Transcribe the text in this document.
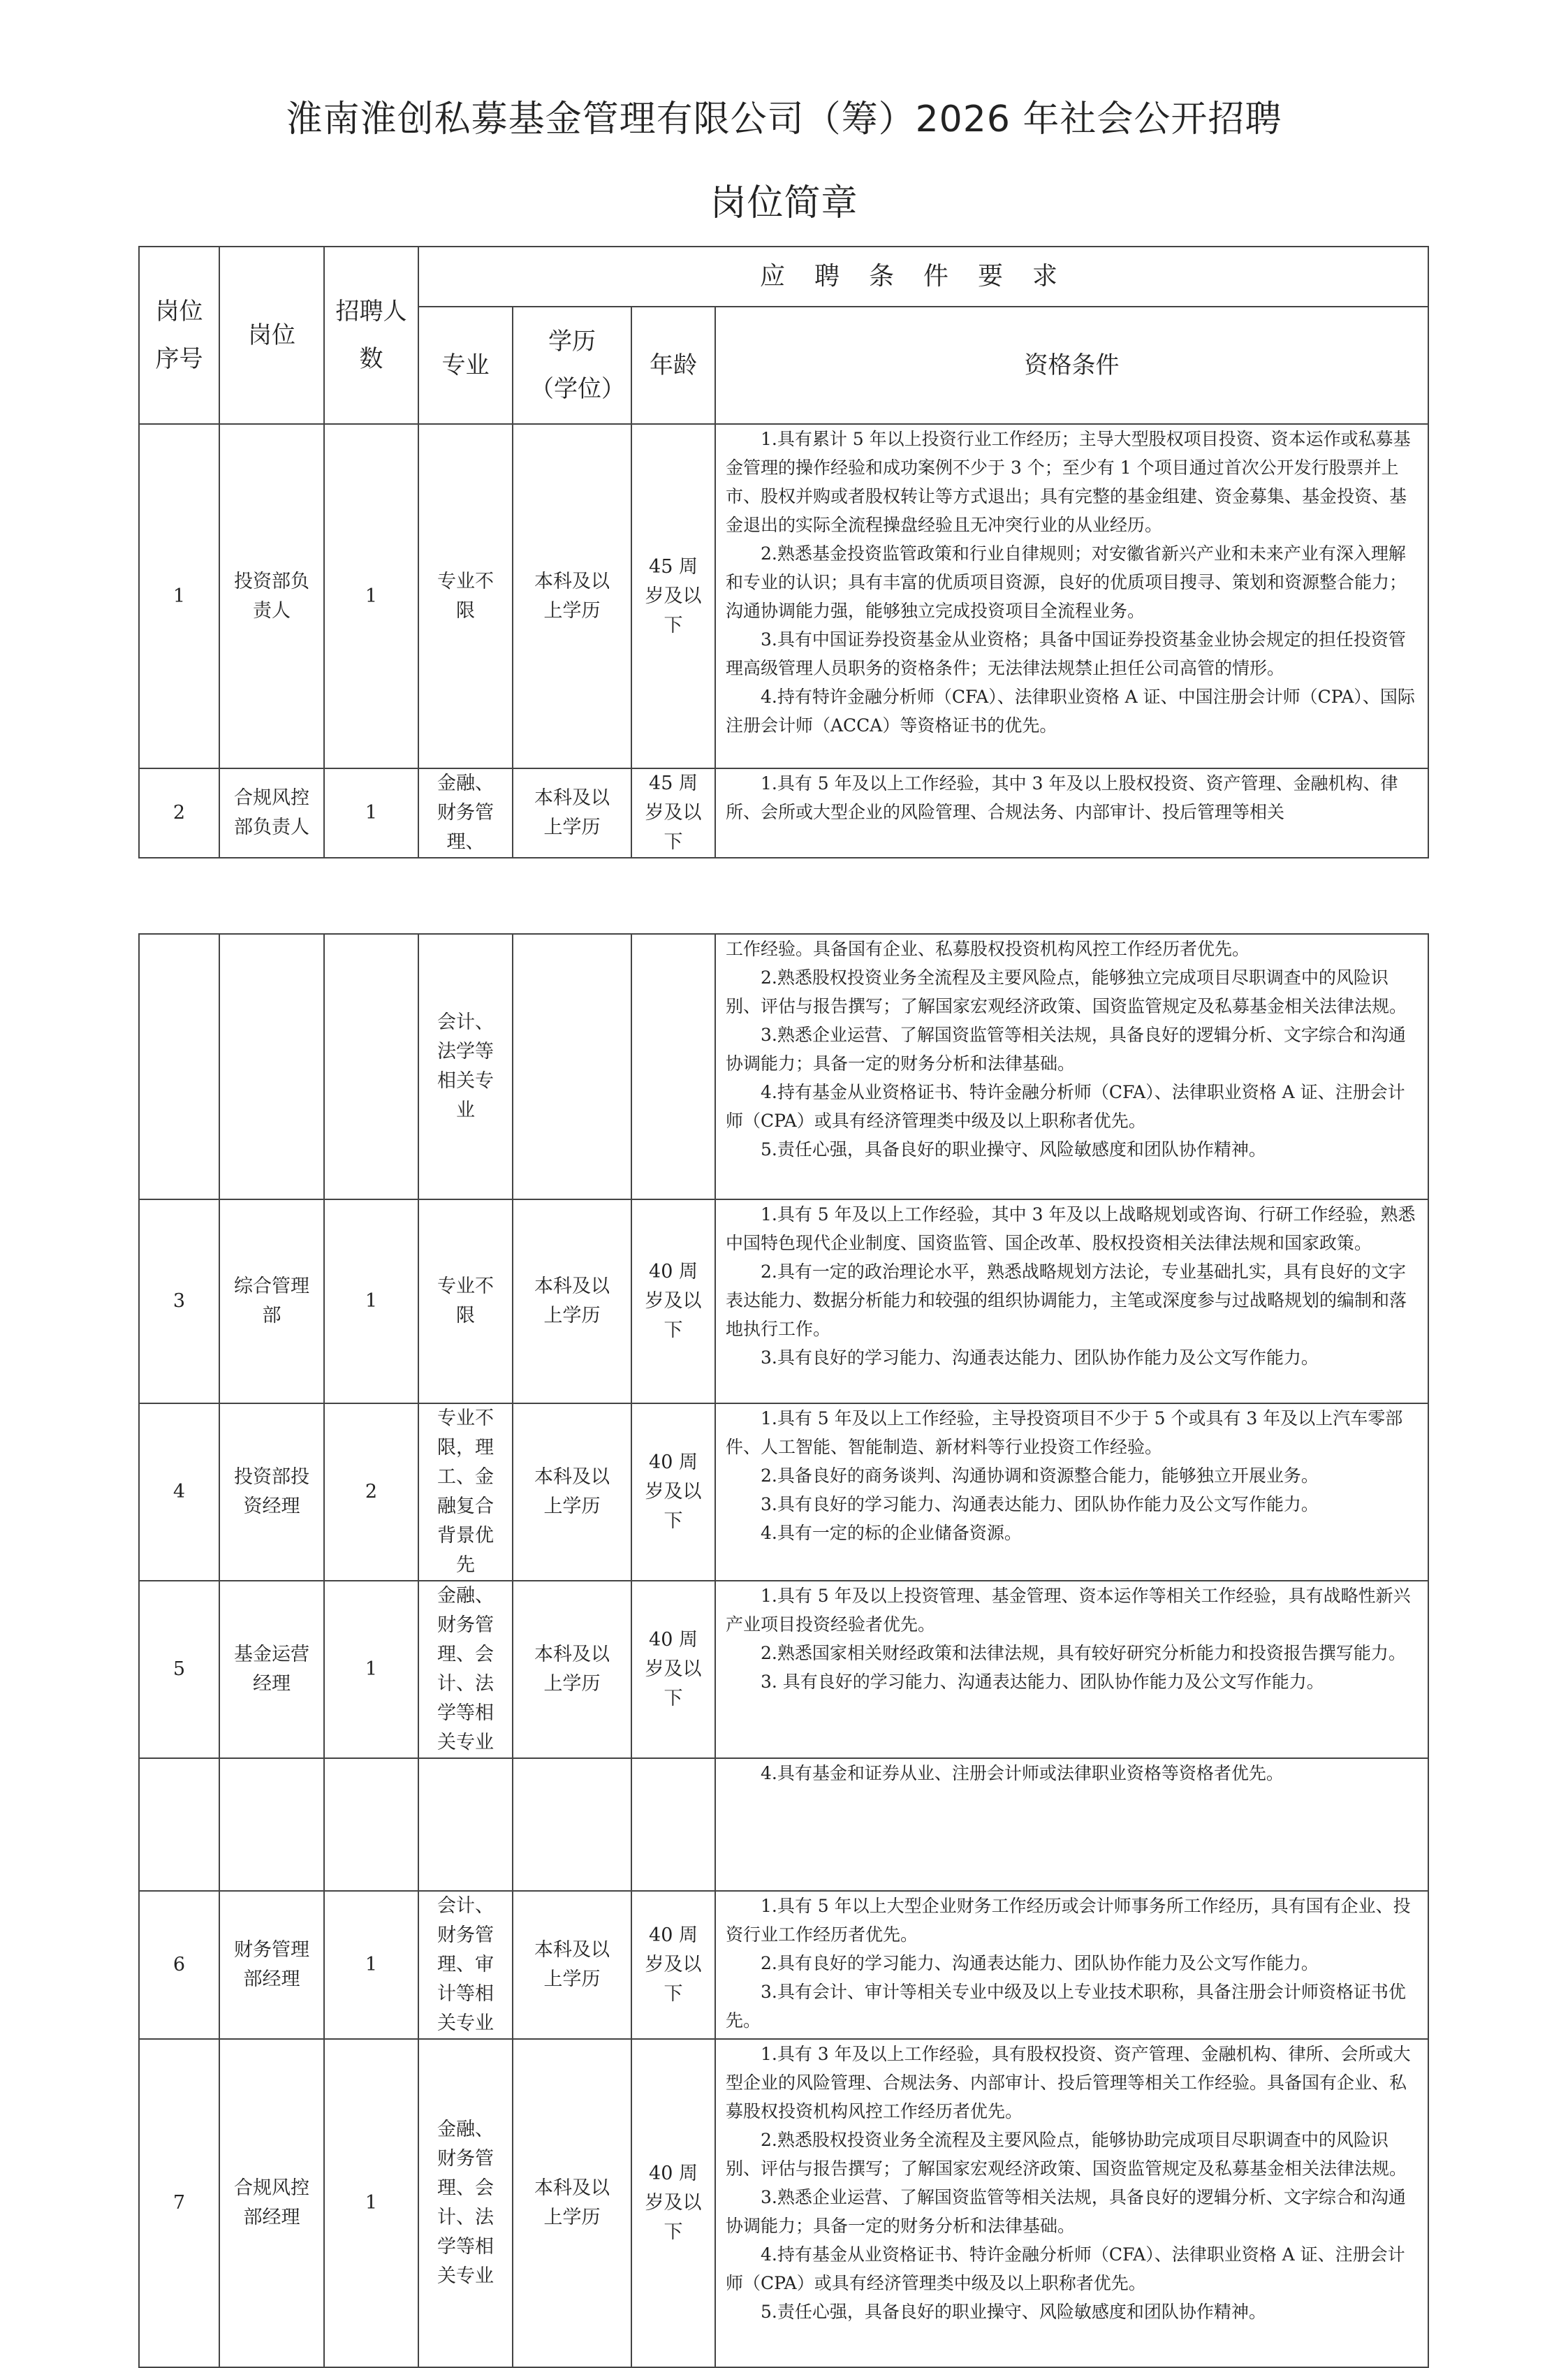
淮南淮创私募基金管理有限公司（筹）2026 年社会公开招聘
岗位简章
岗位序号	岗位	招聘人数	应聘条件要求			
			专业	学历（学位）	年龄	资格条件
1	投资部负责人	1	专业不限	本科及以上学历	45 周岁及以下	1.具有累计 5 年以上投资行业工作经历；主导大型股权项目投资、资本运作或私募基金管理的操作经验和成功案例不少于 3 个；至少有 1 个项目通过首次公开发行股票并上市、股权并购或者股权转让等方式退出；具有完整的基金组建、资金募集、基金投资、基金退出的实际全流程操盘经验且无冲突行业的从业经历。
2.熟悉基金投资监管政策和行业自律规则；对安徽省新兴产业和未来产业有深入理解和专业的认识；具有丰富的优质项目资源，良好的优质项目搜寻、策划和资源整合能力；沟通协调能力强，能够独立完成投资项目全流程业务。
3.具有中国证券投资基金从业资格；具备中国证券投资基金业协会规定的担任投资管理高级管理人员职务的资格条件；无法律法规禁止担任公司高管的情形。
4.持有特许金融分析师（CFA）、法律职业资格 A 证、中国注册会计师（CPA）、国际注册会计师（ACCA）等资格证书的优先。

2	合规风控部负责人	1	金融、财务管理、	本科及以上学历	45 周岁及以下	1.具有 5 年及以上工作经验，其中 3 年及以上股权投资、资产管理、金融机构、律所、会所或大型企业的风险管理、合规法务、内部审计、投后管理等相关
			会计、法学等相关专业			工作经验。具备国有企业、私募股权投资机构风控工作经历者优先。
2.熟悉股权投资业务全流程及主要风险点，能够独立完成项目尽职调查中的风险识别、评估与报告撰写；了解国家宏观经济政策、国资监管规定及私募基金相关法律法规。
3.熟悉企业运营、了解国资监管等相关法规，具备良好的逻辑分析、文字综合和沟通协调能力；具备一定的财务分析和法律基础。
4.持有基金从业资格证书、特许金融分析师（CFA）、法律职业资格 A 证、注册会计师（CPA）或具有经济管理类中级及以上职称者优先。
5.责任心强，具备良好的职业操守、风险敏感度和团队协作精神。

3	综合管理部	1	专业不限	本科及以上学历	40 周岁及以下	1.具有 5 年及以上工作经验，其中 3 年及以上战略规划或咨询、行研工作经验，熟悉中国特色现代企业制度、国资监管、国企改革、股权投资相关法律法规和国家政策。
2.具有一定的政治理论水平，熟悉战略规划方法论，专业基础扎实，具有良好的文字表达能力、数据分析能力和较强的组织协调能力，主笔或深度参与过战略规划的编制和落地执行工作。
3.具有良好的学习能力、沟通表达能力、团队协作能力及公文写作能力。

4	投资部投资经理	2	专业不限，理工、金融复合背景优先	本科及以上学历	40 周岁及以下	1.具有 5 年及以上工作经验，主导投资项目不少于 5 个或具有 3 年及以上汽车零部件、人工智能、智能制造、新材料等行业投资工作经验。
2.具备良好的商务谈判、沟通协调和资源整合能力，能够独立开展业务。
3.具有良好的学习能力、沟通表达能力、团队协作能力及公文写作能力。
4.具有一定的标的企业储备资源。

5	基金运营经理	1	金融、财务管理、会计、法学等相关专业	本科及以上学历	40 周岁及以下	1.具有 5 年及以上投资管理、基金管理、资本运作等相关工作经验，具有战略性新兴产业项目投资经验者优先。
2.熟悉国家相关财经政策和法律法规，具有较好研究分析能力和投资报告撰写能力。
3. 具有良好的学习能力、沟通表达能力、团队协作能力及公文写作能力。

						4.具有基金和证券从业、注册会计师或法律职业资格等资格者优先。

6	财务管理部经理	1	会计、财务管理、审计等相关专业	本科及以上学历	40 周岁及以下	1.具有 5 年以上大型企业财务工作经历或会计师事务所工作经历，具有国有企业、投资行业工作经历者优先。
2.具有良好的学习能力、沟通表达能力、团队协作能力及公文写作能力。
3.具有会计、审计等相关专业中级及以上专业技术职称，具备注册会计师资格证书优先。

7	合规风控部经理	1	金融、财务管理、会计、法学等相关专业	本科及以上学历	40 周岁及以下	1.具有 3 年及以上工作经验，具有股权投资、资产管理、金融机构、律所、会所或大型企业的风险管理、合规法务、内部审计、投后管理等相关工作经验。具备国有企业、私募股权投资机构风控工作经历者优先。
2.熟悉股权投资业务全流程及主要风险点，能够协助完成项目尽职调查中的风险识别、评估与报告撰写；了解国家宏观经济政策、国资监管规定及私募基金相关法律法规。
3.熟悉企业运营、了解国资监管等相关法规，具备良好的逻辑分析、文字综合和沟通协调能力；具备一定的财务分析和法律基础。
4.持有基金从业资格证书、特许金融分析师（CFA）、法律职业资格 A 证、注册会计师（CPA）或具有经济管理类中级及以上职称者优先。
5.责任心强，具备良好的职业操守、风险敏感度和团队协作精神。
